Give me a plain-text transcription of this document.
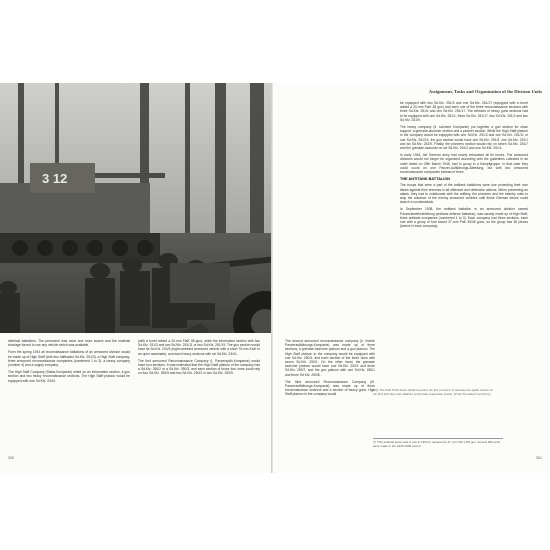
3 12

identical battalions. The personnel was more and more scarce and the material shortage forced to use any vehicle which was available.

From the spring 1944 all reconnaissance battalions of an armoured division would be made up of High Staff (with two halftracks Sd.Kfz. 251/3), a High Staff company, three armoured reconnaissance companies (numbered 1 to 3), a heavy company (number 4) and a supply company.

The High Staff Company (Stabs-Kompanie) relied on an information section, a gun section and two heavy reconnaissance sections. The High Staff platoon would be equipped with one Sd.Kfz. 234/1

(with a turret added a 20-mm FlaK 38 gun), while the information section with two Sd.Kfz. 251/3 and two Sd.Kfz. 251/11 or two Sd.Kfz. 251/19. The gun section would have its Sd.Kfz. 234/3 (eight-wheeled armoured vehicle with a short 75-mm KwK in an open casemate), and each heavy sections with six Sd.Kfz. 234/1.

The first armoured Reconnaissance Company (I. Panzerspäh-Kompanie) would have four sections. It was estimated that the High Staff platoon of the company had a Sd.Kfz. 250/2 or a Sd.Kfz. 250/3, and each section of those four ones could rely on four Sd.Kfz. 250/9 and two Sd.Kfz. 250/3 or two Sd.Kfz. 250/9.

300
Assignment, Tasks and Organization of the Division Units

be equipped with two Sd.Kfz. 251/3 and one Sd.Kfz. 251/17 (equipped with a turret added a 20-mm FlaK 38 gun) and each one of the three reconnaissance sections with three Sd.Kfz. 251/1 and one Sd.Kfz. 251/17. The vehicles of heavy guns sections had to be equipped with one Sd.Kfz. 251/1, three Sd.Kfz. 251/17, two Sd.Kfz. 251/2 and two Sd.Kfz. 251/9.

The heavy company (II. schwere Kompanie) put together a gun section for close support, a grenade-launcher section and a pioneer section. While the High Staff platoon in the company would be equipped with one Sd.Kfz. 251/3 and one Sd.Kfz. 251/11 or one Sd.Kfz. 251/19, the gun section would have one Sd.Kfz. 251/3, one Sd.Kfz. 251/1 and six Sd.Kfz. 251/9. Finally, the pioneers section would rely on seven Sd.Kfz. 251/7 and the grenade-launcher on six Sd.Kfz. 251/2 and one Sd.Kfz. 251/1.

In early 1945, the German army had nearly exhausted all its forces. The armoured divisions would not longer be organized according with the guidelines collected in an order dated on 25th March 1945, had to group in a Kampfgruppe. In that case they could count on one Panzer-Aufklärungs-Abteilung, but with two armoured reconnaissance companies instead of three.

THE ANTITANK BATTALION

The troops that were a part of the antitank battalions were due protecting their own flanks against their enemies in all offensive and defensive actions. When preventing an attack, they had to collaborate with the artillery, the pioneers and the infantry units to stop the advance of the enemy armoured vehicles until these German forces could launch a counterattack.

In September 1938, the antitank battalion in an armoured division named Panzerabwehrabteilung (antitank defence battalion), was usually made up of High Staff, three antitank companies (numbered 1 to 3). Each company had three sections, each one with a group of four towed 37-mm PaK 35/36 guns, so the group has 36 pieces (twelve in each company).

The second armoured reconnaissance company (II. leichte Panzeraufklärungs-Kompanie) was made up of three sections, a grenade-launcher platoon and a gun platoon. The High Staff platoon in the company would be equipped with one Sd.Kfz. 250/3, and each section of the three ones with seven Sd.Kfz. 250/1. On the other hand, the grenade launcher platoon would have one Sd.Kfz. 250/1 and three Sd.Kfz. 250/7, and the gun platoon with one Sd.Kfz. 250/1 and three Sd.Kfz. 250/8.

The third armoured Reconnaissance Company (III. Panzeraufklärungs-Kompanie) was made up of three reconnaissance sections and a section of heavy guns. High Staff platoon in the company would

301
Left. The PaK 35/36 had a shield to protect the five crewmen. It had also two spoke wheels. In the first time they were added a system that suspension system. (From the author's archives).
(*) This antitank piece was in use in 1934 to replace the 37-mm PaK L/45 gun. Around 900 units were made in the 1935-1938 period.
